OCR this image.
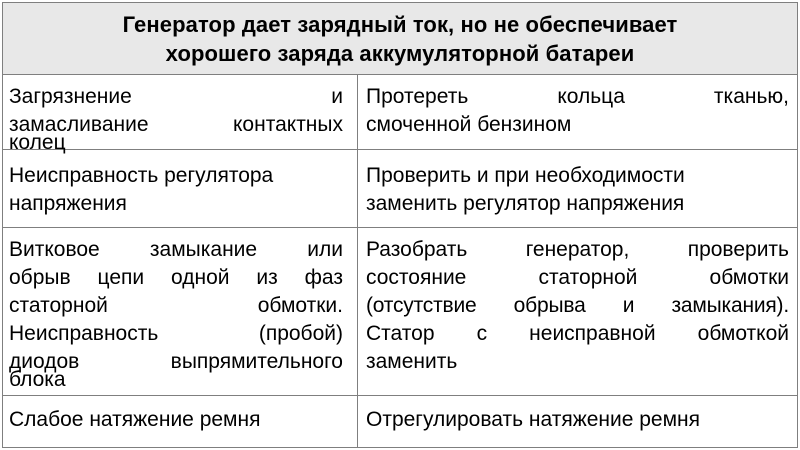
Генератор дает зарядный ток, но не обеспечивает
хорошего заряда аккумуляторной батареи
Загрязнение и
замасливание контактных
колец
Протереть кольца тканью,
смоченной бензином
Неисправность регулятора
напряжения
Проверить и при необходимости
заменить регулятор напряжения
Витковое замыкание или
обрыв цепи одной из фаз
статорной обмотки.
Неисправность (пробой)
диодов выпрямительного
блока
Разобрать генератор, проверить
состояние статорной обмотки
(отсутствие обрыва и замыкания).
Статор с неисправной обмоткой
заменить
Слабое натяжение ремня	Отрегулировать натяжение ремня
